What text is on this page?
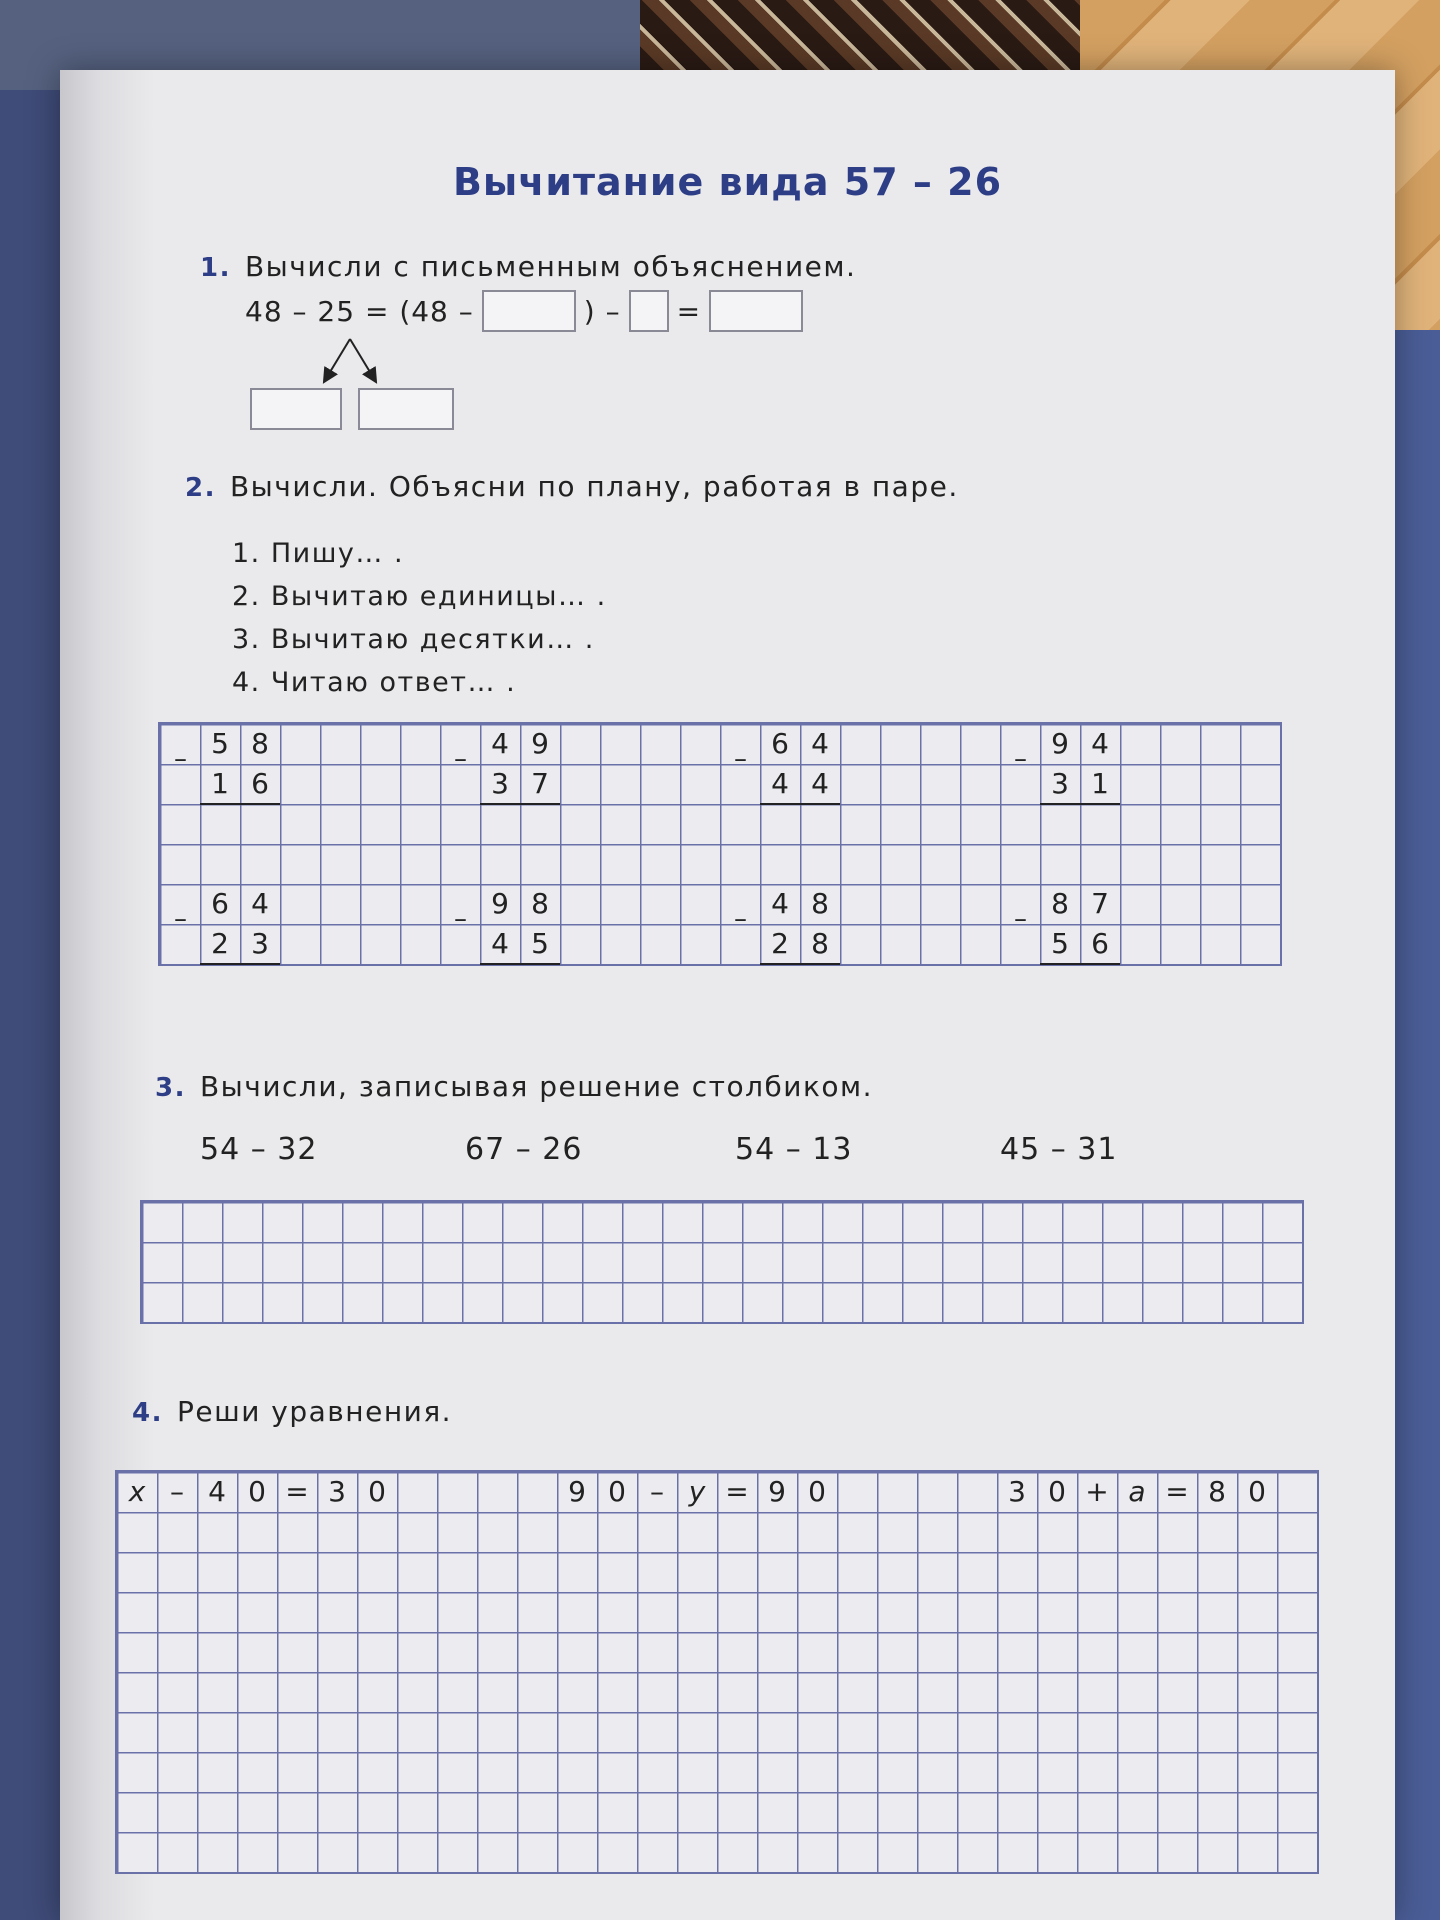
Вычитание вида 57 – 26
1. Вычисли с письменным объяснением.
48 – 25 = (48 –	) – =
2. Вычисли. Объясни по плану, работая в паре.
1. Пишу… .
2. Вычитаю единицы… .
3. Вычитаю десятки… .
4. Читаю ответ… .
5 8
1 6
–	4 9
3 7
–	6 4
4 4
–	9 4
3 1
–
6 4
2 3
–	9 8
4 5
–	4 8
2 8
–	8 7
5 6
–
3. Вычисли, записывая решение столбиком.
54 – 32	67 – 26	54 – 13	45 – 31
4. Реши уравнения.
x – 4 0 = 3 0	9 0 – y = 9 0	3 0 + a = 8 0
